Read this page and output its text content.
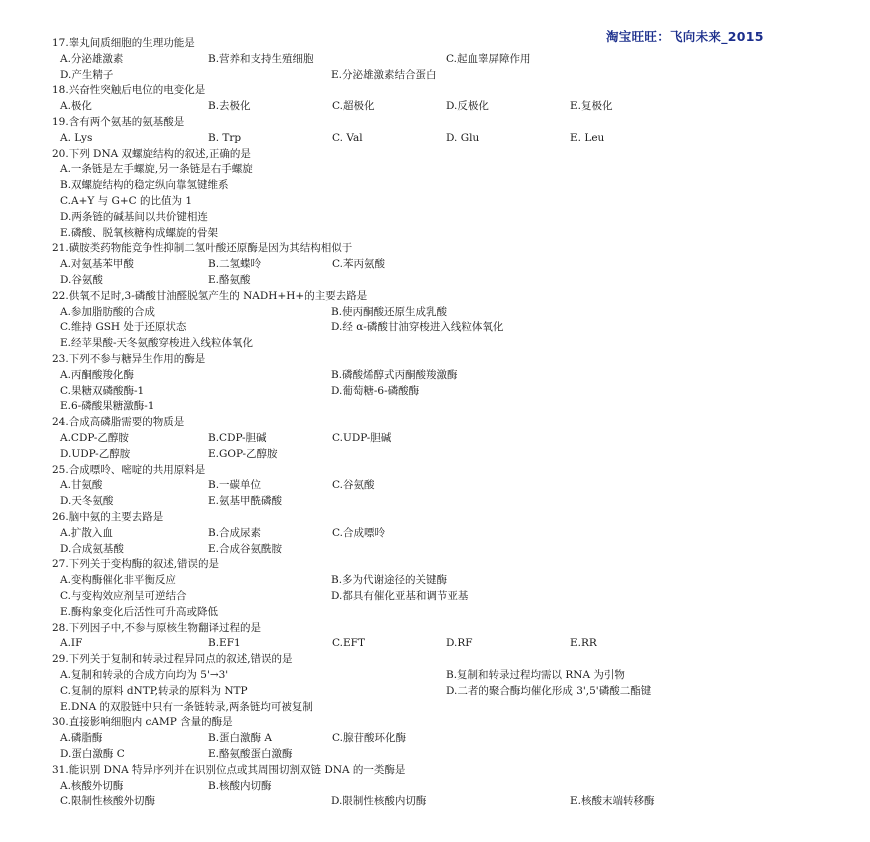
淘宝旺旺：飞向未来_2015
17.睾丸间质细胞的生理功能是
A.分泌雄激素	B.营养和支持生殖细胞	C.起血睾屏障作用
D.产生精子	E.分泌雄激素结合蛋白
18.兴奋性突触后电位的电变化是
A.极化	B.去极化	C.超极化	D.反极化	E.复极化
19.含有两个氨基的氨基酸是
A. Lys	B. Trp	C. Val	D. Glu	E. Leu
20.下列 DNA 双螺旋结构的叙述,正确的是
A.一条链是左手螺旋,另一条链是右手螺旋
B.双螺旋结构的稳定纵向靠氢键维系
C.A+Y 与 G+C 的比值为 1
D.两条链的碱基间以共价键相连
E.磷酸、脱氧核糖构成螺旋的骨架
21.磺胺类药物能竞争性抑制二氢叶酸还原酶是因为其结构相似于
A.对氨基苯甲酸	B.二氢蝶呤	C.苯丙氨酸
D.谷氨酸	E.酪氨酸
22.供氧不足时,3-磷酸甘油醛脱氢产生的 NADH+H+的主要去路是
A.参加脂肪酸的合成	B.使丙酮酸还原生成乳酸
C.维持 GSH 处于还原状态	D.经 α-磷酸甘油穿梭进入线粒体氧化
E.经苹果酸-天冬氨酸穿梭进入线粒体氧化
23.下列不参与糖异生作用的酶是
A.丙酮酸羧化酶	B.磷酸烯醇式丙酮酸羧激酶
C.果糖双磷酸酶-1	D.葡萄糖-6-磷酸酶
E.6-磷酸果糖激酶-1
24.合成高磷脂需要的物质是
A.CDP-乙醇胺	B.CDP-胆碱	C.UDP-胆碱
D.UDP-乙醇胺	E.GOP-乙醇胺
25.合成嘌呤、嘧啶的共用原料是
A.甘氨酸	B.一碳单位	C.谷氨酸
D.天冬氨酸	E.氨基甲酰磷酸
26.脑中氨的主要去路是
A.扩散入血	B.合成尿素	C.合成嘌呤
D.合成氨基酸	E.合成谷氨酰胺
27.下列关于变构酶的叙述,错误的是
A.变构酶催化非平衡反应	B.多为代谢途径的关键酶
C.与变构效应剂呈可逆结合	D.都具有催化亚基和调节亚基
E.酶构象变化后活性可升高或降低
28.下列因子中,不参与原核生物翻译过程的是
A.IF	B.EF1	C.EFT	D.RF	E.RR
29.下列关于复制和转录过程异同点的叙述,错误的是
A.复制和转录的合成方向均为 5'→3'	B.复制和转录过程均需以 RNA 为引物
C.复制的原料 dNTP,转录的原料为 NTP	D.二者的聚合酶均催化形成 3',5'磷酸二酯键
E.DNA 的双股链中只有一条链转录,两条链均可被复制
30.直接影响细胞内 cAMP 含量的酶是
A.磷脂酶	B.蛋白激酶 A	C.腺苷酸环化酶
D.蛋白激酶 C	E.酪氨酸蛋白激酶
31.能识别 DNA 特异序列并在识别位点或其周围切割双链 DNA 的一类酶是
A.核酸外切酶	B.核酸内切酶
C.限制性核酸外切酶	D.限制性核酸内切酶	E.核酸末端转移酶
